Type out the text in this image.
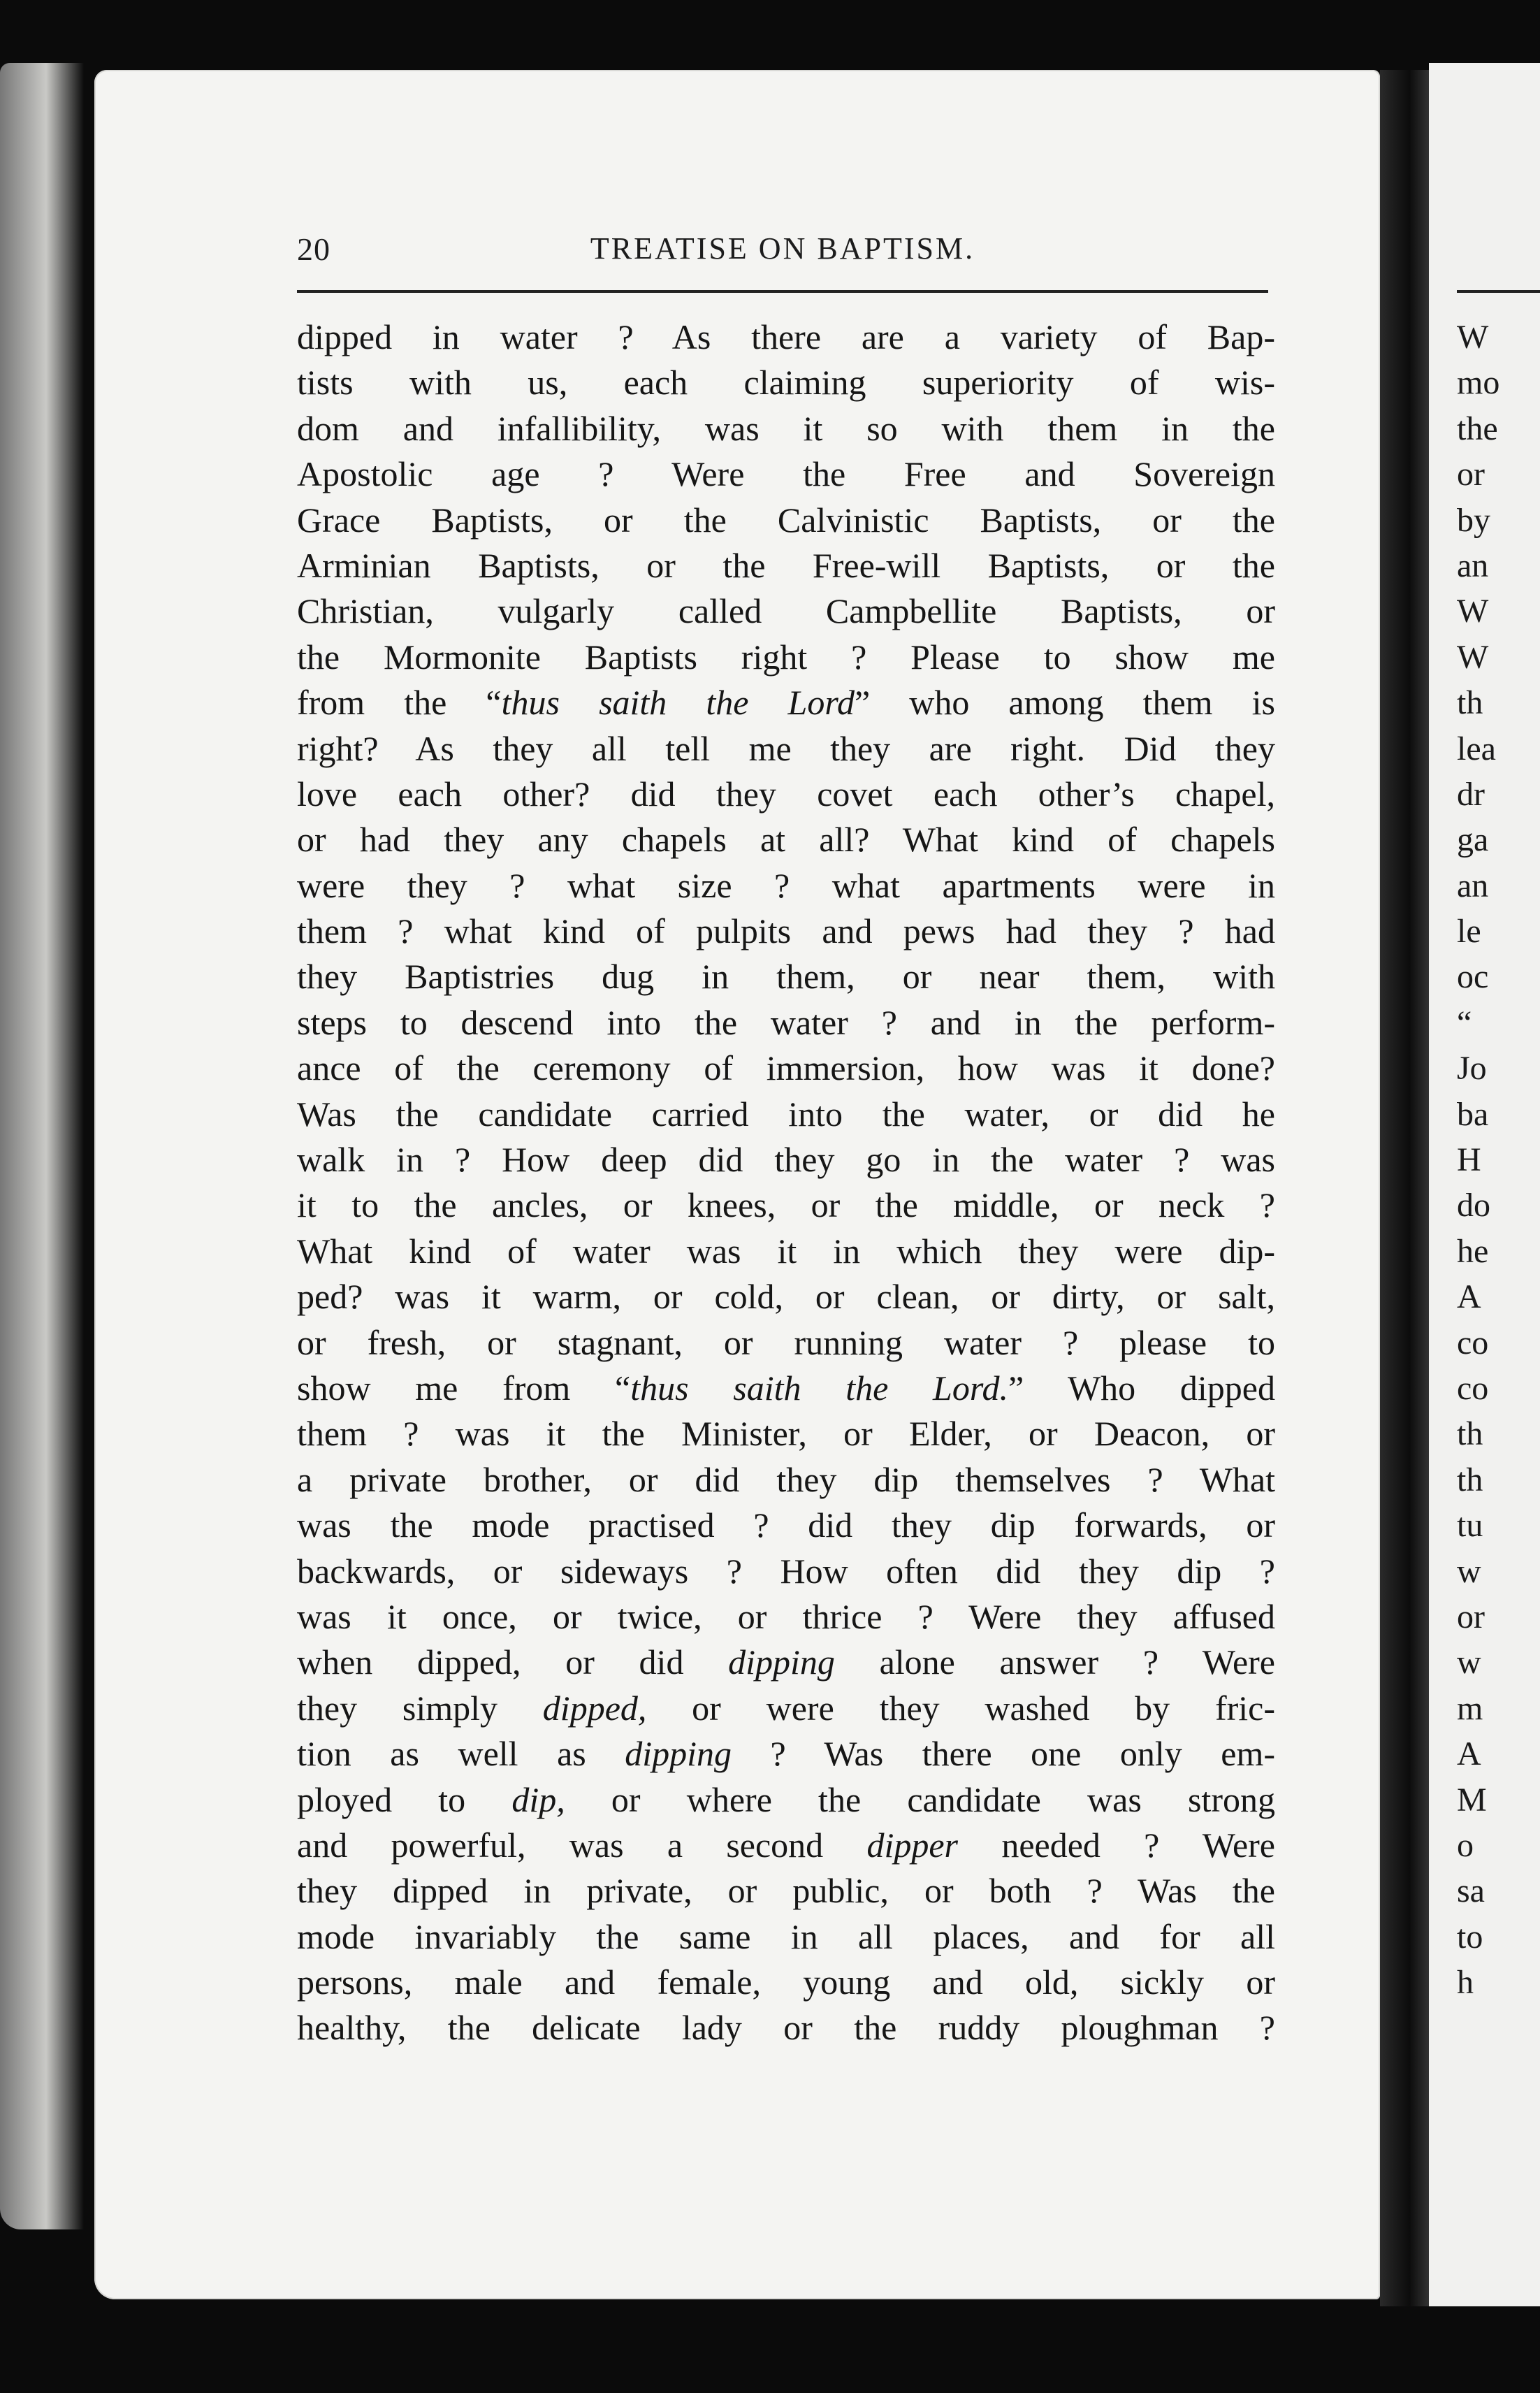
20	TREATISE ON BAPTISM.
dipped in water ? As there are a variety of Bap-
tists with us, each claiming superiority of wis-
dom and infallibility, was it so with them in the
Apostolic age ? Were the Free and Sovereign
Grace Baptists, or the Calvinistic Baptists, or the
Arminian Baptists, or the Free-will Baptists, or the
Christian, vulgarly called Campbellite Baptists, or
the Mormonite Baptists right ? Please to show me
from the “thus saith the Lord” who among them is
right? As they all tell me they are right. Did they
love each other? did they covet each other’s chapel,
or had they any chapels at all? What kind of chapels
were they ? what size ? what apartments were in
them ? what kind of pulpits and pews had they ? had
they Baptistries dug in them, or near them, with
steps to descend into the water ? and in the perform-
ance of the ceremony of immersion, how was it done?
Was the candidate carried into the water, or did he
walk in ? How deep did they go in the water ? was
it to the ancles, or knees, or the middle, or neck ?
What kind of water was it in which they were dip-
ped? was it warm, or cold, or clean, or dirty, or salt,
or fresh, or stagnant, or running water ? please to
show me from “thus saith the Lord.” Who dipped
them ? was it the Minister, or Elder, or Deacon, or
a private brother, or did they dip themselves ? What
was the mode practised ? did they dip forwards, or
backwards, or sideways ? How often did they dip ?
was it once, or twice, or thrice ? Were they affused
when dipped, or did dipping alone answer ? Were
they simply dipped, or were they washed by fric-
tion as well as dipping ? Was there one only em-
ployed to dip, or where the candidate was strong
and powerful, was a second dipper needed ? Were
they dipped in private, or public, or both ? Was the
mode invariably the same in all places, and for all
persons, male and female, young and old, sickly or
healthy, the delicate lady or the ruddy ploughman ?
W
mo
the
or
by
an
W
W
th
lea
dr
ga
an
le
oc
“
Jo
ba
H
do
he
A
co
co
th
th
tu
w
or
w
m
A
M
o
sa
to
h
